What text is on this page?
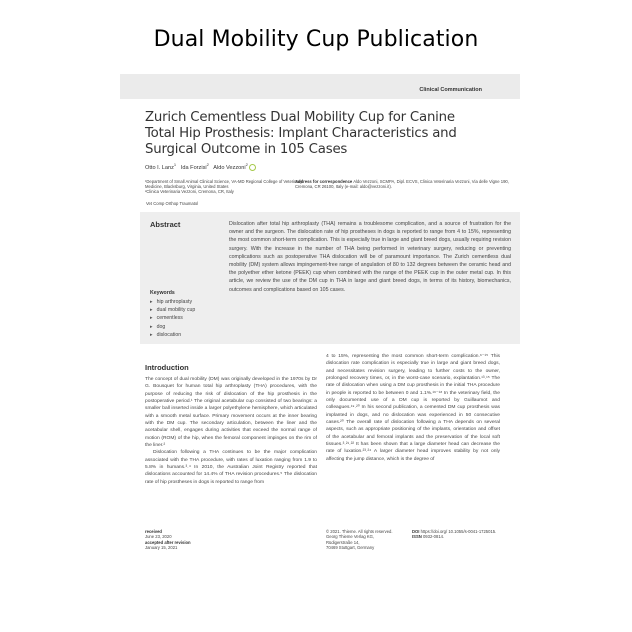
Dual Mobility Cup Publication
Clinical Communication
Zurich Cementless Dual Mobility Cup for Canine Total Hip Prosthesis: Implant Characteristics and Surgical Outcome in 105 Cases
Otto I. Lanz$^1$   Ida Forzisi$^2$   Aldo Vezzoni$^2$
¹Department of Small Animal Clinical Science, VA-MD Regional College of Veterinary Medicine, Blacksburg, Virginia, United States
²Clinica Veterinaria Vezzoni, Cremona, CR, Italy
Address for correspondence Aldo Vezzoni, SCMPA, Dipl. ECVS, Clinica Veterinaria Vezzoni, Via delle Vigne 190, Cremona, CR 26100, Italy (e-mail: aldo@vezzoni.it).
Vet Comp Orthop Traumatol
Abstract	Dislocation after total hip arthroplasty (THA) remains a troublesome complication, and a source of frustration for the owner and the surgeon. The dislocation rate of hip prostheses in dogs is reported to range from 4 to 15%, representing the most common short-term complication. This is especially true in large and giant breed dogs, usually requiring revision surgery. With the increase in the number of THA being performed in veterinary surgery, reducing or preventing complications such as postoperative THA dislocation will be of paramount importance. The Zurich cementless dual mobility (DM) system allows impingement-free range of angulation of 80 to 132 degrees between the ceramic head and the polyether ether ketone (PEEK) cup when combined with the range of the PEEK cup in the outer metal cup. In this article, we review the use of the DM cup in THA in large and giant breed dogs, in terms of its history, biomechanics, outcomes and complications based on 105 cases.
Keywords
▸ hip arthroplasty
▸ dual mobility cup
▸ cementless
▸ dog
▸ dislocation
Introduction

The concept of dual mobility (DM) was originally developed in the 1970s by Dr G. Bousquet for human total hip arthroplasty (THA) procedures, with the purpose of reducing the risk of dislocation of the hip prosthesis in the postoperative period.¹ The original acetabular cup consisted of two bearings: a smaller ball inserted inside a larger polyethylene hemisphere, which articulated with a smooth metal surface. Primary movement occurs at the inner bearing with the DM cup. The secondary articulation, between the liner and the acetabular shell, engages during activities that exceed the normal range of motion (ROM) of the hip, when the femoral component impinges on the rim of the liner.²

Dislocation following a THA continues to be the major complication associated with the THA procedure, with rates of luxation ranging from 1.9 to 5.8% in humans.³˒⁴ In 2010, the Australian Joint Registry reported that dislocations accounted for 14.4% of THA revision procedures.⁵ The dislocation rate of hip prostheses in dogs is reported to range from

4 to 15%, representing the most common short-term complication.⁶⁻¹⁵ This dislocation rate complication is especially true in large and giant breed dogs, and necessitates revision surgery, leading to further costs to the owner, prolonged recovery times, or, in the worst-case scenario, explantation.¹³˒¹⁵ The rate of dislocation when using a DM cup prosthesis in the initial THA procedure in people is reported to be between 0 and 1.1%.¹⁶⁻¹⁸ In the veterinary field, the only documented use of a DM cup is reported by Guillaumot and colleagues.¹⁹˒²⁰ In his second publication, a cemented DM cup prosthesis was implanted in dogs, and no dislocation was experienced in 50 consecutive cases.²⁰ The overall rate of dislocation following a THA depends on several aspects, such as appropriate positioning of the implants, orientation and offset of the acetabular and femoral implants and the preservation of the local soft tissues.³˒²¹˒²² It has been shown that a large diameter head can decrease the rate of luxation.²³˒²⁴ A larger diameter head improves stability by not only affecting the jump distance, which is the degree of

received
June 23, 2020
accepted after revision
January 15, 2021
© 2021. Thieme. All rights reserved.
Georg Thieme Verlag KG,
Rüdigerstraße 14,
70469 Stuttgart, Germany
DOI https://doi.org/ 10.1055/s-0041-1725015.
ISSN 0932-0814.
